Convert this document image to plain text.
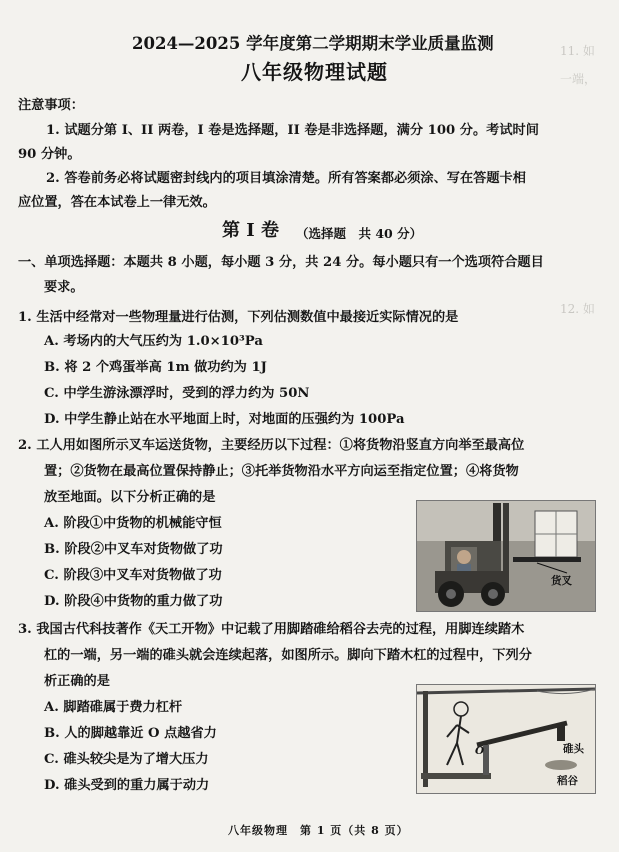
11. 如
一端，
12. 如
2024—2025 学年度第二学期期末学业质量监测
八年级物理试题
注意事项：
1. 试题分第 I、II 两卷，I 卷是选择题，II 卷是非选择题，满分 100 分。考试时间
90 分钟。
2. 答卷前务必将试题密封线内的项目填涂清楚。所有答案都必须涂、写在答题卡相
应位置，答在本试卷上一律无效。
第 I 卷 （选择题　共 40 分）
一、单项选择题：本题共 8 小题，每小题 3 分，共 24 分。每小题只有一个选项符合题目
要求。
1. 生活中经常对一些物理量进行估测，下列估测数值中最接近实际情况的是
A. 考场内的大气压约为 1.0×10³Pa
B. 将 2 个鸡蛋举高 1m 做功约为 1J
C. 中学生游泳漂浮时，受到的浮力约为 50N
D. 中学生静止站在水平地面上时，对地面的压强约为 100Pa
2. 工人用如图所示叉车运送货物，主要经历以下过程：①将货物沿竖直方向举至最高位
置；②货物在最高位置保持静止；③托举货物沿水平方向运至指定位置；④将货物
放至地面。以下分析正确的是
A. 阶段①中货物的机械能守恒
B. 阶段②中叉车对货物做了功
C. 阶段③中叉车对货物做了功
D. 阶段④中货物的重力做了功
货叉
3. 我国古代科技著作《天工开物》中记载了用脚踏碓给稻谷去壳的过程，用脚连续踏木
杠的一端，另一端的碓头就会连续起落，如图所示。脚向下踏木杠的过程中，下列分
析正确的是
A. 脚踏碓属于费力杠杆
B. 人的脚越靠近 O 点越省力
C. 碓头较尖是为了增大压力
D. 碓头受到的重力属于动力
O	碓头
稻谷
八年级物理　第 1 页（共 8 页）
